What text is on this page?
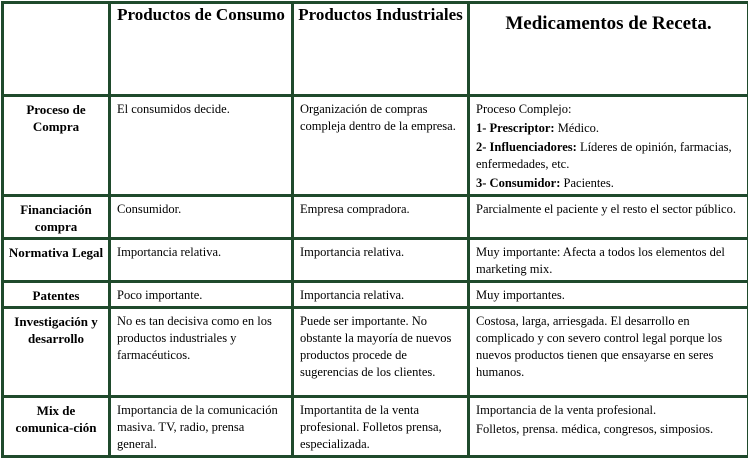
	Productos de Consumo	Productos Industriales	Medicamentos de Receta.
Proceso de Compra	El consumidos decide.	Organización de compras compleja dentro de la empresa.	Proceso Complejo:

1- Prescriptor: Médico.

2- Influenciadores: Líderes de opinión, farmacias, enfermedades, etc.

3- Consumidor: Pacientes.

Financiación compra	Consumidor.	Empresa compradora.	Parcialmente el paciente y el resto el sector público.
Normativa Legal	Importancia relativa.	Importancia relativa.	Muy importante: Afecta a todos los elementos del marketing mix.
Patentes	Poco importante.	Importancia relativa.	Muy importantes.
Investigación y desarrollo	No es tan decisiva como en los productos industriales y farmacéuticos.	Puede ser importante. No obstante la mayoría de nuevos productos procede de sugerencias de los clientes.	Costosa, larga, arriesgada. El desarrollo en complicado y con severo control legal porque los nuevos productos tienen que ensayarse en seres humanos.
Mix de comunica-ción	Importancia de la comunicación masiva. TV, radio, prensa general.	Importantita de la venta profesional. Folletos prensa, especializada.	Importancia de la venta profesional.

Folletos, prensa. médica, congresos, simposios.
